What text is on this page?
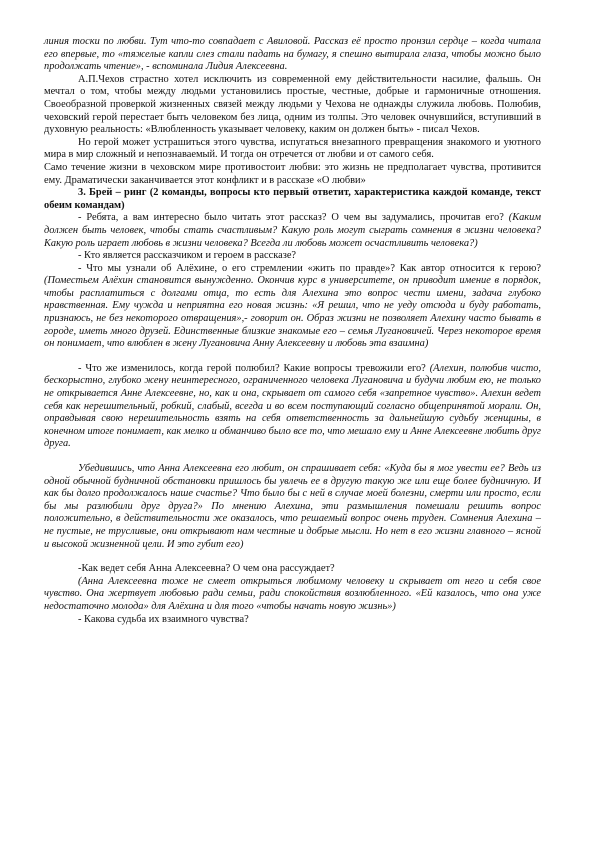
линия тоски по любви. Тут что-то совпадает с Авиловой. Рассказ её просто пронзил сердце – когда читала его впервые, то «тяжелые капли слез стали падать на бумагу, я спешно вытирала глаза, чтобы можно было продолжать чтение», - вспоминала Лидия Алексеевна.

А.П.Чехов страстно хотел исключить из современной ему действительности насилие, фальшь. Он мечтал о том, чтобы между людьми установились простые, честные, добрые и гармоничные отношения. Своеобразной проверкой жизненных связей между людьми у Чехова не однажды служила любовь. Полюбив, чеховский герой перестает быть человеком без лица, одним из толпы. Это человек очнувшийся, вступивший в духовную реальность: «Влюбленность указывает человеку, каким он должен быть» - писал Чехов.

Но герой может устрашиться этого чувства, испугаться внезапного превращения знакомого и уютного мира в мир сложный и непознаваемый. И тогда он отречется от любви и от самого себя.

Само течение жизни в чеховском мире противостоит любви: это жизнь не предполагает чувства, противится ему. Драматически заканчивается этот конфликт и в рассказе «О любви»

3. Брей – ринг (2 команды, вопросы кто первый ответит, характеристика каждой команде, текст обеим командам)

- Ребята, а вам интересно было читать этот рассказ? О чем вы задумались, прочитав его? (Каким должен быть человек, чтобы стать счастливым? Какую роль могут сыграть сомнения в жизни человека? Какую роль играет любовь в жизни человека? Всегда ли любовь может осчастливить человека?)

- Кто является рассказчиком и героем в рассказе?

- Что мы узнали об Алёхине, о его стремлении «жить по правде»? Как автор относится к герою? (Поместьем Алёхин становится вынужденно. Окончив курс в университете, он приводит имение в порядок, чтобы расплатиться с долгами отца, то есть для Алехина это вопрос чести имени, задача глубоко нравственная. Ему чужда и неприятна его новая жизнь: «Я решил, что не уеду отсюда и буду работать, признаюсь, не без некоторого отвращения»,- говорит он. Образ жизни не позволяет Алехину часто бывать в городе, иметь много друзей. Единственные близкие знакомые его – семья Лугановичей. Через некоторое время он понимает, что влюблен в жену Лугановича Анну Алексеевну и любовь эта взаимна)

- Что же изменилось, когда герой полюбил? Какие вопросы тревожили его? (Алехин, полюбив чисто, бескорыстно, глубоко жену неинтересного, ограниченного человека Лугановича и будучи любим ею, не только не открывается Анне Алексеевне, но, как и она, скрывает от самого себя «запретное чувство». Алехин ведет себя как нерешительный, робкий, слабый, всегда и во всем поступающий согласно общепринятой морали. Он, оправдывая свою нерешительность взять на себя ответственность за дальнейшую судьбу женщины, в конечном итоге понимает, как мелко и обманчиво было все то, что мешало ему и Анне Алексеевне любить друг друга.

Убедившись, что Анна Алексеевна его любит, он спрашивает себя: «Куда бы я мог увести ее? Ведь из одной обычной будничной обстановки пришлось бы увлечь ее в другую такую же или еще более будничную. И как бы долго продолжалось наше счастье? Что было бы с ней в случае моей болезни, смерти или просто, если бы мы разлюбили друг друга?» По мнению Алехина, эти размышления помешали решить вопрос положительно, в действительности же оказалось, что решаемый вопрос очень труден. Сомнения Алехина – не пустые, не трусливые, они открывают нам честные и добрые мысли. Но нет в его жизни главного – ясной и высокой жизненной цели. И это губит его)

-Как ведет себя Анна Алексеевна? О чем она рассуждает?

(Анна Алексеевна тоже не смеет открыться любимому человеку и скрывает от него и себя свое чувство. Она жертвует любовью ради семьи, ради спокойствия возлюбленного. «Ей казалось, что она уже недостаточно молода» для Алёхина и для того «чтобы начать новую жизнь»)

- Какова судьба их взаимного чувства?
